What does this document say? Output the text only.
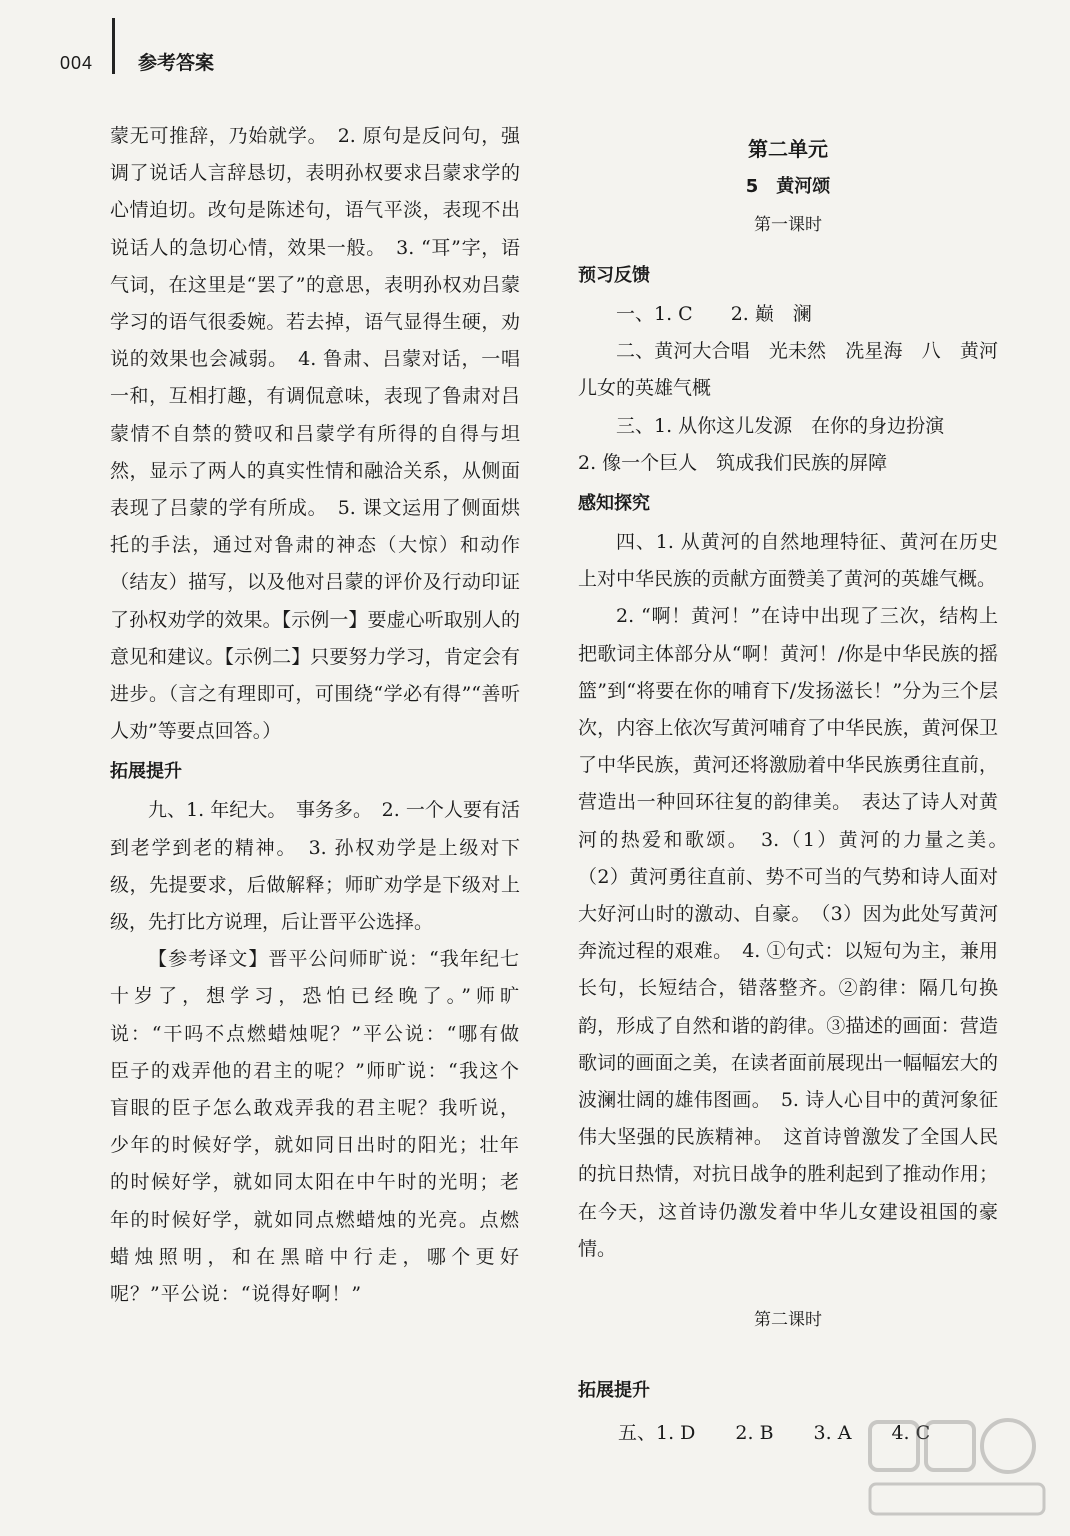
004 参考答案

蒙无可推辞，乃始就学。　2. 原句是反问句，强调了说话人言辞恳切，表明孙权要求吕蒙求学的心情迫切。改句是陈述句，语气平淡，表现不出说话人的急切心情，效果一般。　3. “耳”字，语气词，在这里是“罢了”的意思，表明孙权劝吕蒙学习的语气很委婉。若去掉，语气显得生硬，劝说的效果也会减弱。　4. 鲁肃、吕蒙对话，一唱一和，互相打趣，有调侃意味，表现了鲁肃对吕蒙情不自禁的赞叹和吕蒙学有所得的自得与坦然，显示了两人的真实性情和融洽关系，从侧面表现了吕蒙的学有所成。　5. 课文运用了侧面烘托的手法，通过对鲁肃的神态（大惊）和动作（结友）描写，以及他对吕蒙的评价及行动印证了孙权劝学的效果。【示例一】要虚心听取别人的意见和建议。【示例二】只要努力学习，肯定会有进步。（言之有理即可，可围绕“学必有得”“善听人劝”等要点回答。）

拓展提升

九、1. 年纪大。　事务多。　2. 一个人要有活到老学到老的精神。　3. 孙权劝学是上级对下级，先提要求，后做解释；师旷劝学是下级对上级，先打比方说理，后让晋平公选择。

【参考译文】晋平公问师旷说：“我年纪七十岁了，想学习，恐怕已经晚了。”师旷说：“干吗不点燃蜡烛呢？”平公说：“哪有做臣子的戏弄他的君主的呢？”师旷说：“我这个盲眼的臣子怎么敢戏弄我的君主呢？我听说，少年的时候好学，就如同日出时的阳光；壮年的时候好学，就如同太阳在中午时的光明；老年的时候好学，就如同点燃蜡烛的光亮。点燃蜡烛照明，和在黑暗中行走，哪个更好呢？”平公说：“说得好啊！”

第二单元
5　黄河颂
第一课时
预习反馈

一、1. C　　2. 巅　澜

二、黄河大合唱　光未然　冼星海　八　黄河儿女的英雄气概

三、1. 从你这儿发源　在你的身边扮演

2. 像一个巨人　筑成我们民族的屏障

感知探究

四、1. 从黄河的自然地理特征、黄河在历史上对中华民族的贡献方面赞美了黄河的英雄气概。

2. “啊！黄河！”在诗中出现了三次，结构上把歌词主体部分从“啊！黄河！/你是中华民族的摇篮”到“将要在你的哺育下/发扬滋长！”分为三个层次，内容上依次写黄河哺育了中华民族，黄河保卫了中华民族，黄河还将激励着中华民族勇往直前，营造出一种回环往复的韵律美。　表达了诗人对黄河的热爱和歌颂。　3.（1）黄河的力量之美。　（2）黄河勇往直前、势不可当的气势和诗人面对大好河山时的激动、自豪。　（3）因为此处写黄河奔流过程的艰难。　4. ①句式：以短句为主，兼用长句，长短结合，错落整齐。②韵律：隔几句换韵，形成了自然和谐的韵律。③描述的画面：营造歌词的画面之美，在读者面前展现出一幅幅宏大的波澜壮阔的雄伟图画。　5. 诗人心目中的黄河象征伟大坚强的民族精神。　这首诗曾激发了全国人民的抗日热情，对抗日战争的胜利起到了推动作用；在今天，这首诗仍激发着中华儿女建设祖国的豪情。

第二课时
拓展提升
五、1. D 2. B 3. A 4. C
